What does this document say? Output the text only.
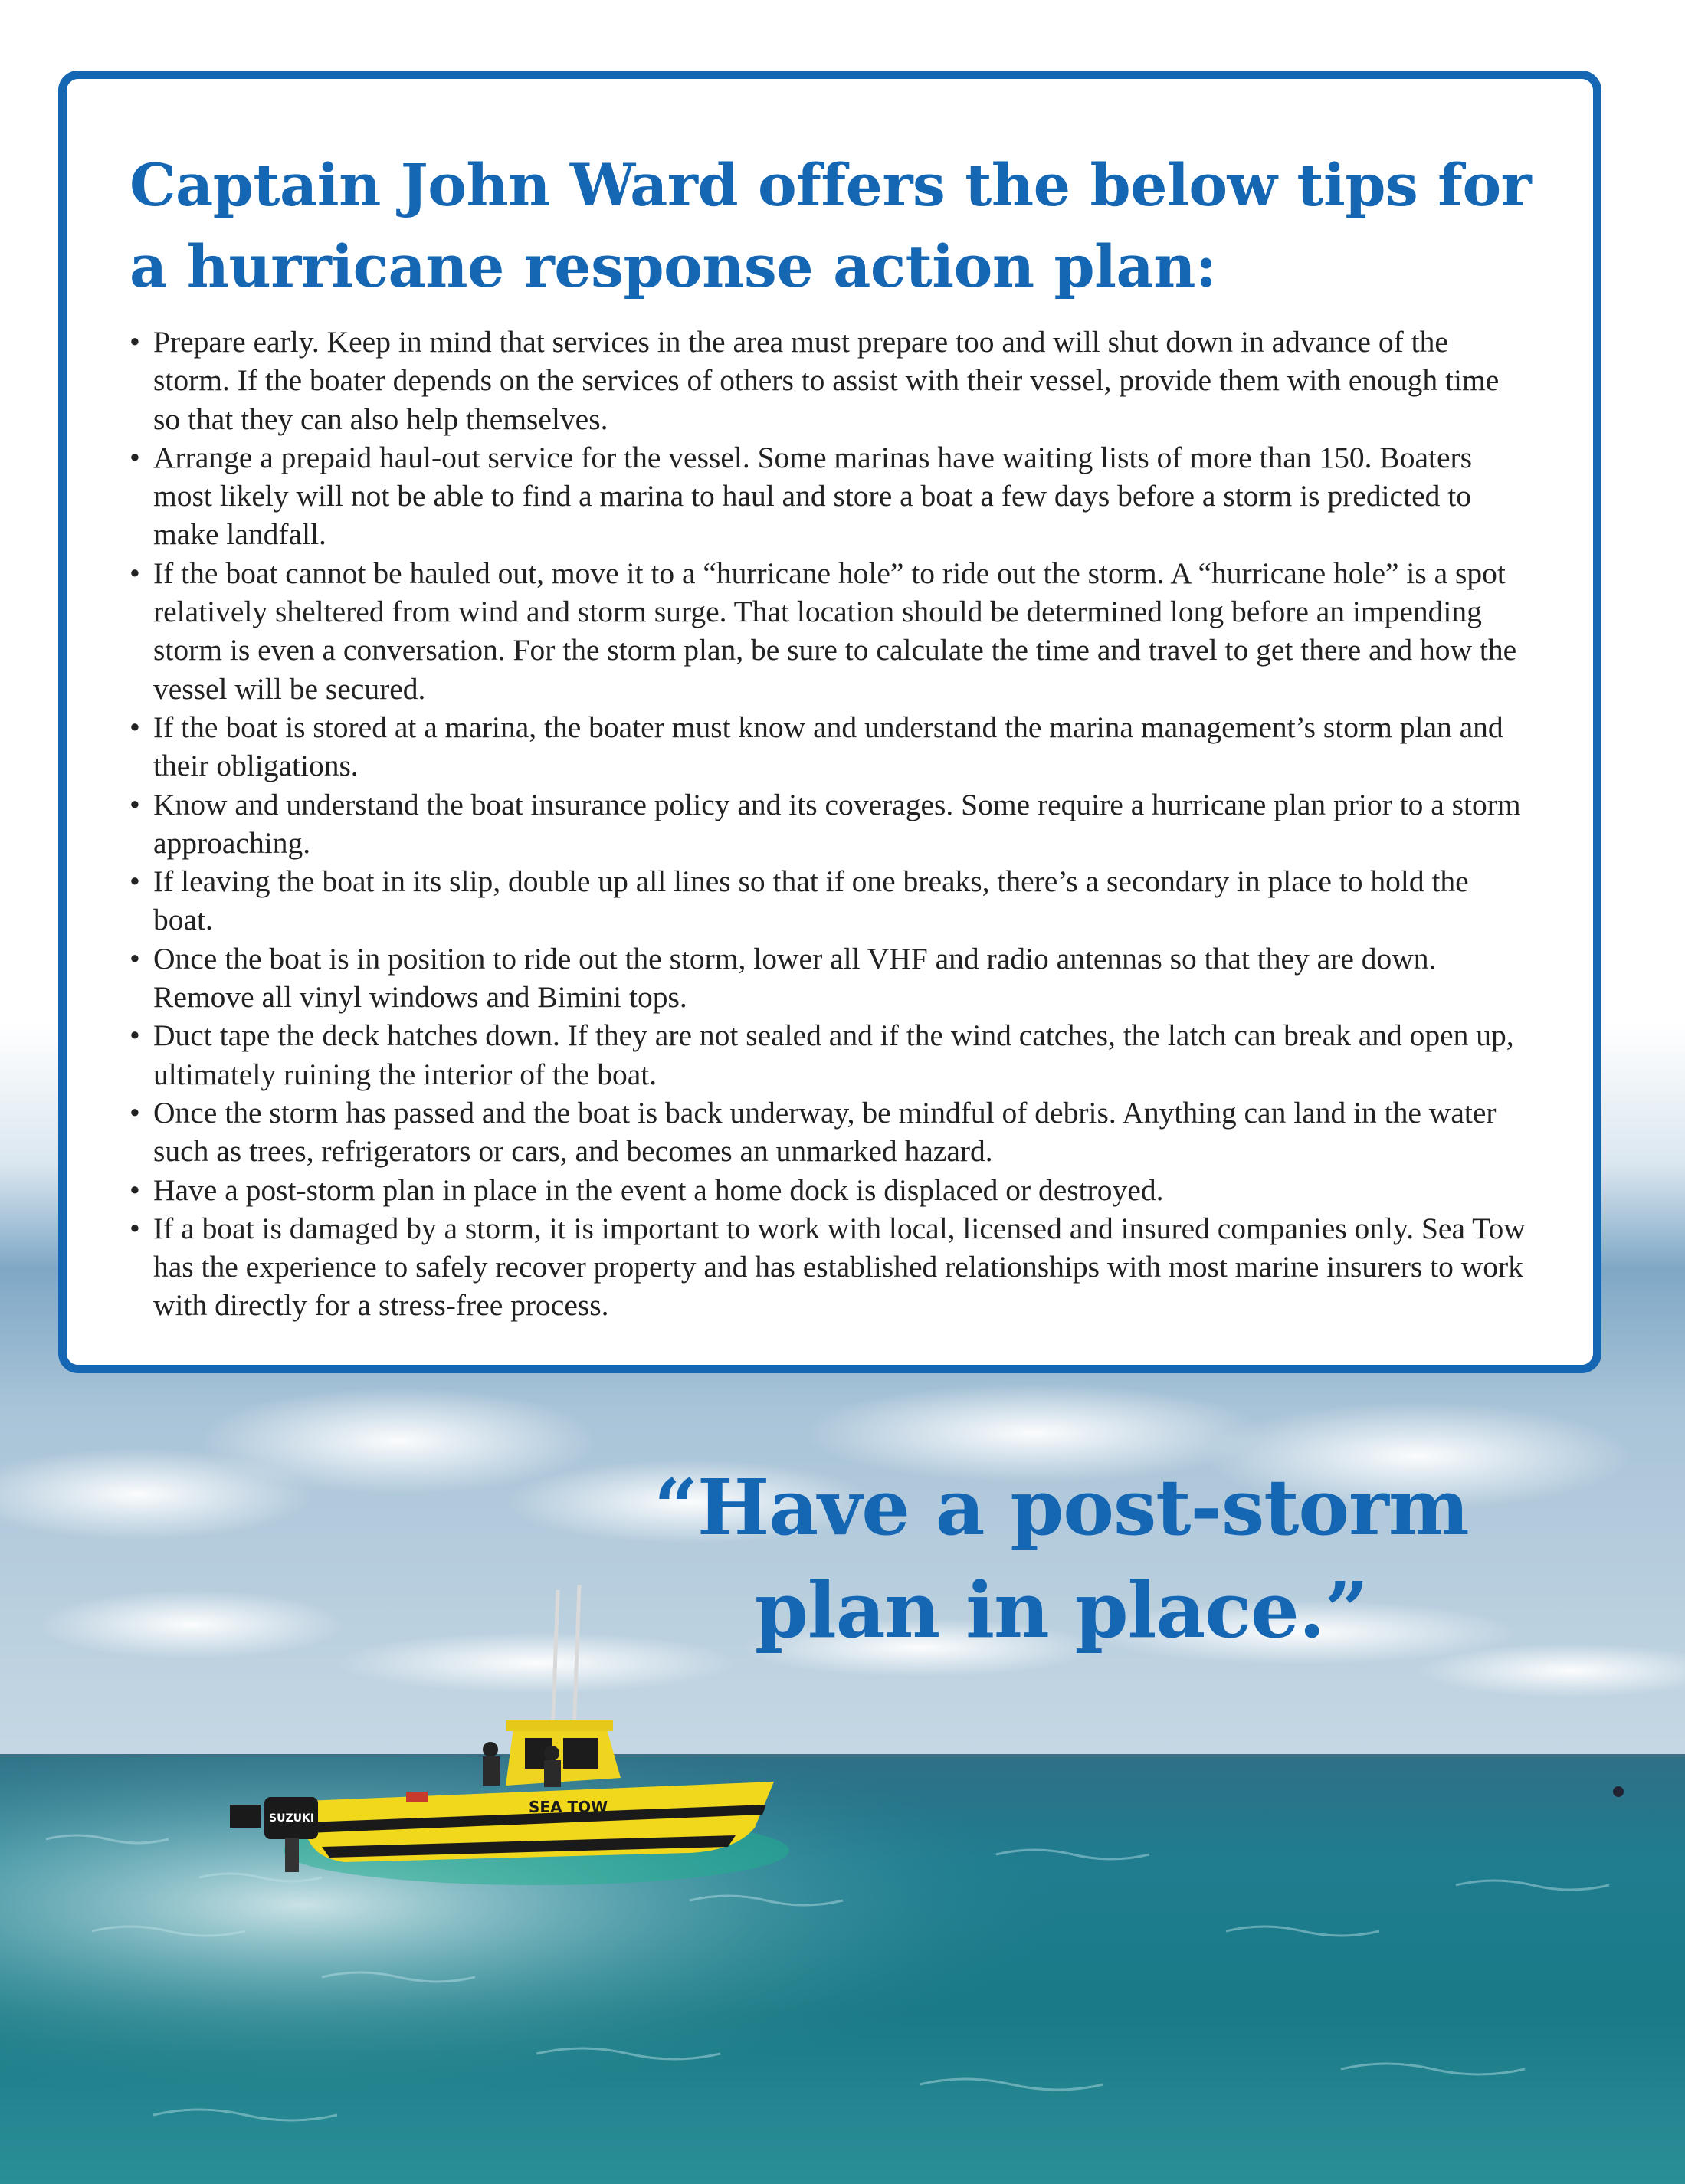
SEA TOW
SUZUKI
Captain John Ward offers the below tips for a hurricane response action plan:
• Prepare early. Keep in mind that services in the area must prepare too and will shut down in advance of the storm. If the boater depends on the services of others to assist with their vessel, provide them with enough time so that they can also help themselves.
• Arrange a prepaid haul-out service for the vessel. Some marinas have waiting lists of more than 150. Boaters most likely will not be able to find a marina to haul and store a boat a few days before a storm is predicted to make landfall.
• If the boat cannot be hauled out, move it to a “hurricane hole” to ride out the storm. A “hurricane hole” is a spot relatively sheltered from wind and storm surge. That location should be determined long before an impending storm is even a conversation. For the storm plan, be sure to calculate the time and travel to get there and how the vessel will be secured.
• If the boat is stored at a marina, the boater must know and understand the marina management’s storm plan and their obligations.
• Know and understand the boat insurance policy and its coverages. Some require a hurricane plan prior to a storm approaching.
• If leaving the boat in its slip, double up all lines so that if one breaks, there’s a secondary in place to hold the boat.
• Once the boat is in position to ride out the storm, lower all VHF and radio antennas so that they are down. Remove all vinyl windows and Bimini tops.
• Duct tape the deck hatches down. If they are not sealed and if the wind catches, the latch can break and open up, ultimately ruining the interior of the boat.
• Once the storm has passed and the boat is back underway, be mindful of debris. Anything can land in the water such as trees, refrigerators or cars, and becomes an unmarked hazard.
• Have a post-storm plan in place in the event a home dock is displaced or destroyed.
• If a boat is damaged by a storm, it is important to work with local, licensed and insured companies only. Sea Tow has the experience to safely recover property and has established relationships with most marine insurers to work with directly for a stress-free process.
“Have a post-storm
plan in place.”
